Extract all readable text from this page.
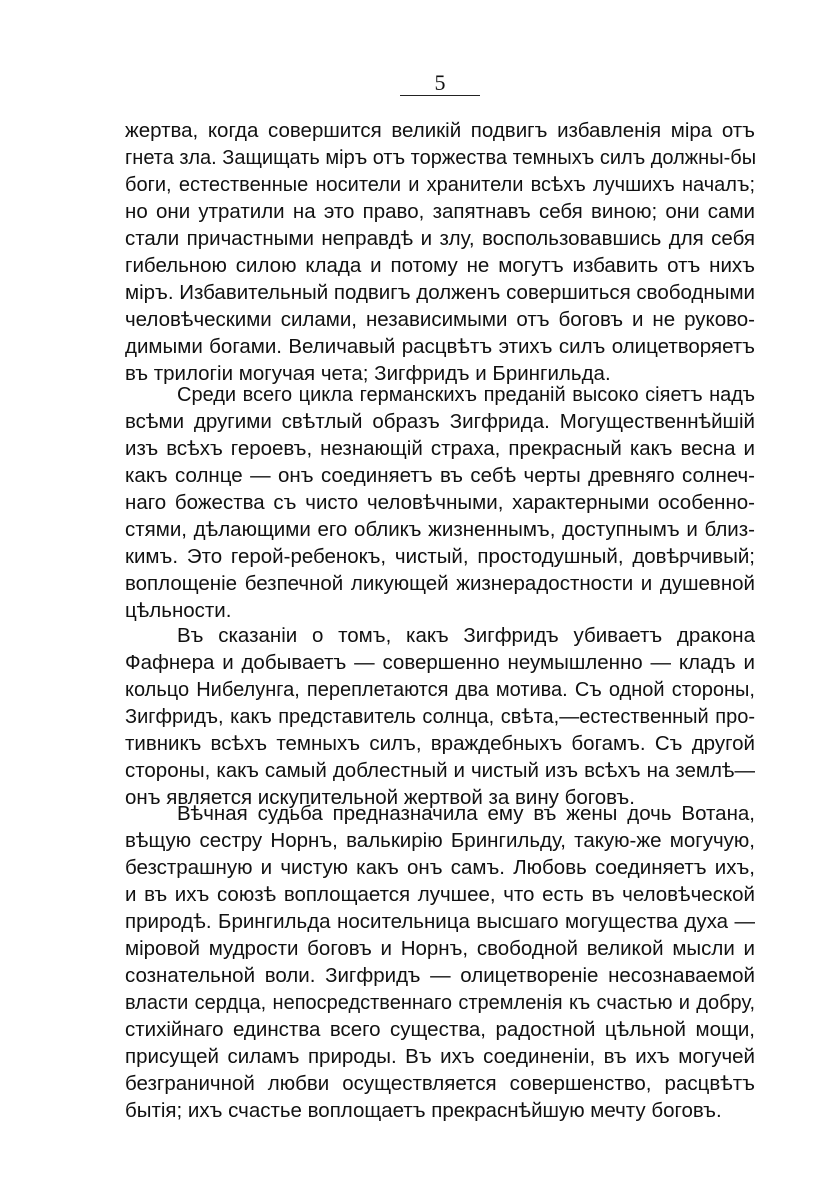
5
жертва, когда совершится великій подвигъ избавленія міра отъ
гнета зла. Защищать міръ отъ торжества темныхъ силъ должны-бы
боги, естественные носители и хранители всѣхъ лучшихъ началъ;
но они утратили на это право, запятнавъ себя виною; они сами
стали причастными неправдѣ и злу, воспользовавшись для себя
гибельною силою клада и потому не могутъ избавить отъ нихъ
міръ. Избавительный подвигъ долженъ совершиться свободными
человѣческими силами, независимыми отъ боговъ и не руково-
димыми богами. Величавый расцвѣтъ этихъ силъ олицетворяетъ
въ трилогіи могучая чета; Зигфридъ и Брингильда.
Среди всего цикла германскихъ преданій высоко сіяетъ надъ
всѣми другими свѣтлый образъ Зигфрида. Могущественнѣйшій
изъ всѣхъ героевъ, незнающій страха, прекрасный какъ весна и
какъ солнце — онъ соединяетъ въ себѣ черты древняго солнеч-
наго божества съ чисто человѣчными, характерными особенно-
стями, дѣлающими его обликъ жизненнымъ, доступнымъ и близ-
кимъ. Это герой-ребенокъ, чистый, простодушный, довѣрчивый;
воплощеніе безпечной ликующей жизнерадостности и душевной
цѣльности.
Въ сказаніи о томъ, какъ Зигфридъ убиваетъ дракона
Фафнера и добываетъ — совершенно неумышленно — кладъ и
кольцо Нибелунга, переплетаются два мотива. Съ одной стороны,
Зигфридъ, какъ представитель солнца, свѣта,—естественный про-
тивникъ всѣхъ темныхъ силъ, враждебныхъ богамъ. Съ другой
стороны, какъ самый доблестный и чистый изъ всѣхъ на землѣ—
онъ является искупительной жертвой за вину боговъ.
Вѣчная судьба предназначила ему въ жены дочь Вотана,
вѣщую сестру Норнъ, валькирію Брингильду, такую-же могучую,
безстрашную и чистую какъ онъ самъ. Любовь соединяетъ ихъ,
и въ ихъ союзѣ воплощается лучшее, что есть въ человѣческой
природѣ. Брингильда носительница высшаго могущества духа —
міровой мудрости боговъ и Норнъ, свободной великой мысли и
сознательной воли. Зигфридъ — олицетвореніе несознаваемой
власти сердца, непосредственнаго стремленія къ счастью и добру,
стихійнаго единства всего существа, радостной цѣльной мощи,
присущей силамъ природы. Въ ихъ соединеніи, въ ихъ могучей
безграничной любви осуществляется совершенство, расцвѣтъ
бытія; ихъ счастье воплощаетъ прекраснѣйшую мечту боговъ.
